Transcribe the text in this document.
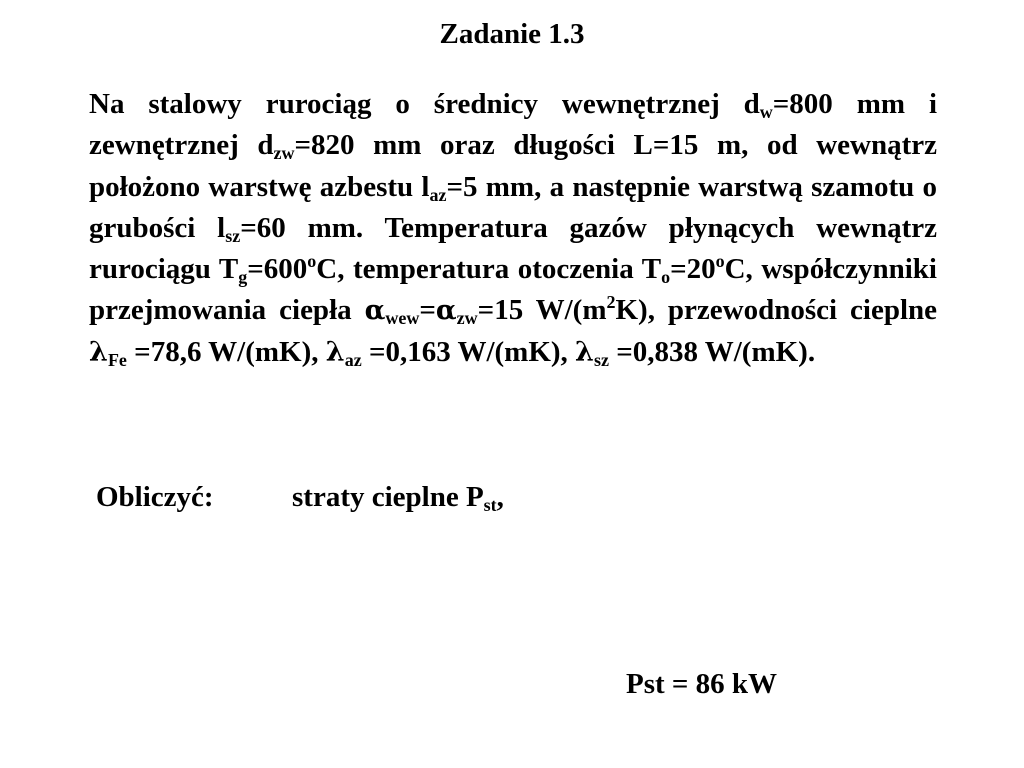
Zadanie 1.3

Na stalowy rurociąg o średnicy wewnętrznej $d_w=800$ mm i zewnętrznej $d_{zw}=820$ mm oraz długości L=15 m, od wewnątrz położono warstwę azbestu $l_{az}=5$ mm, a następnie warstwą szamotu o grubości $l_{sz}=60$ mm. Temperatura gazów płynących wewnątrz rurociągu $T_g=600^oC$, temperatura otoczenia $T_o=20^oC$, współczynniki przejmowania ciepła $\alpha_{wew}=\alpha_{zw}=15$ $W/(m^2K)$, przewodności cieplne $\lambda_{Fe} =78,6$ W/(mK), $\lambda_{az} =0,163$ W/(mK), $\lambda_{sz} =0,838$ W/(mK).

Obliczyć:	straty cieplne $P_{st}$,
Pst = 86 kW
